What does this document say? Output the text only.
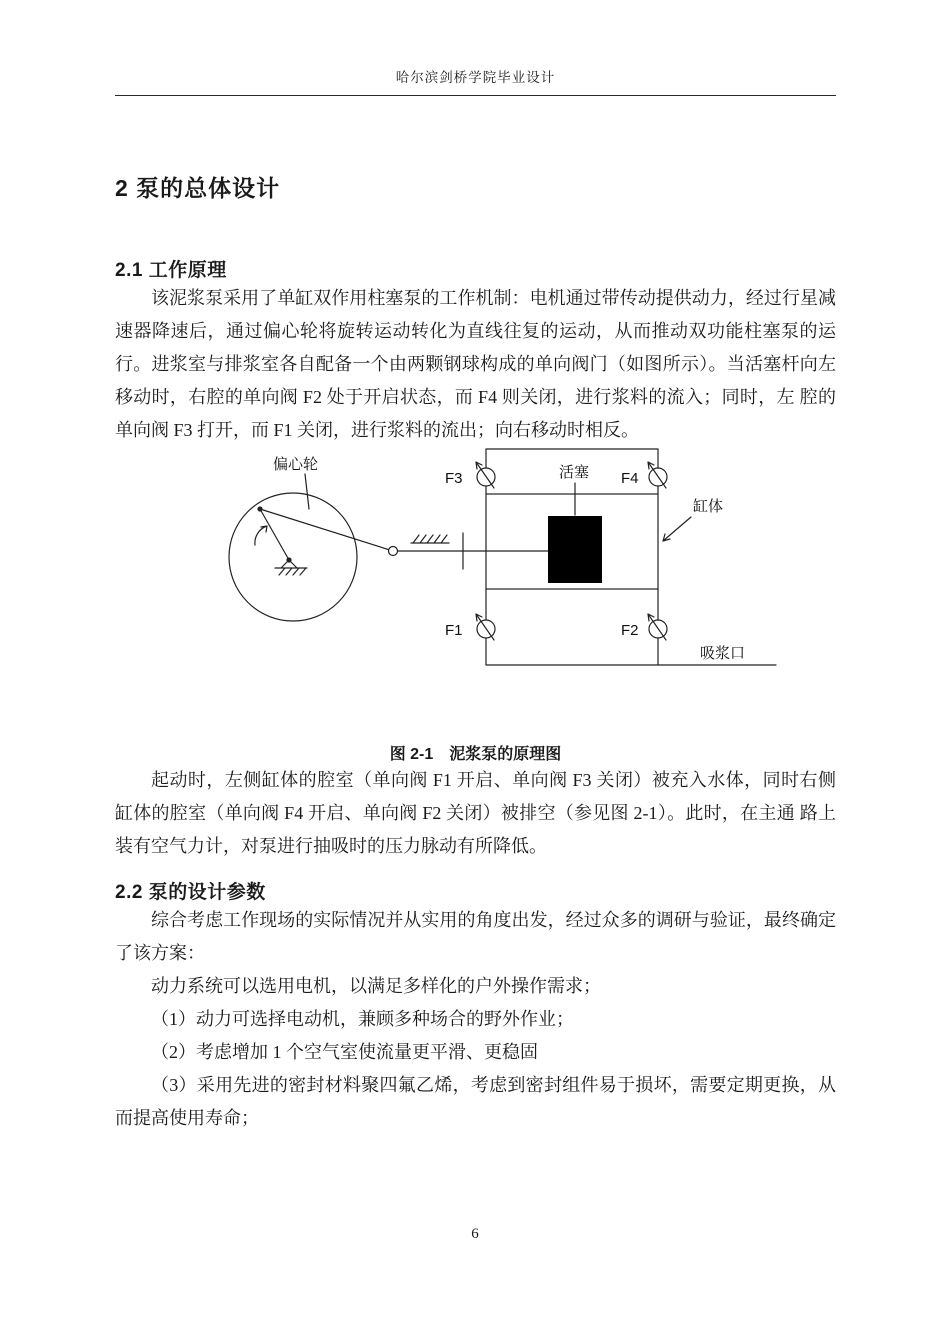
哈尔滨剑桥学院毕业设计
2 泵的总体设计
2.1 工作原理

该泥浆泵采用了单缸双作用柱塞泵的工作机制：电机通过带传动提供动力，经过行星减速器降速后，通过偏心轮将旋转运动转化为直线往复的运动，从而推动双功能柱塞泵的运行。进浆室与排浆室各自配备一个由两颗钢球构成的单向阀门（如图所示）。当活塞杆向左移动时，右腔的单向阀 F2 处于开启状态，而 F4 则关闭，进行浆料的流入；同时，左 腔的单向阀 F3 打开，而 F1 关闭，进行浆料的流出；向右移动时相反。

偏心轮
F3	活塞 F4
缸体
F1	F2
吸浆口
图 2-1　泥浆泵的原理图

起动时，左侧缸体的腔室（单向阀 F1 开启、单向阀 F3 关闭）被充入水体，同时右侧 缸体的腔室（单向阀 F4 开启、单向阀 F2 关闭）被排空（参见图 2-1）。此时，在主通 路上装有空气力计，对泵进行抽吸时的压力脉动有所降低。

2.2 泵的设计参数

综合考虑工作现场的实际情况并从实用的角度出发，经过众多的调研与验证，最终确定了该方案：

动力系统可以选用电机，以满足多样化的户外操作需求；

（1）动力可选择电动机，兼顾多种场合的野外作业；

（2）考虑增加 1 个空气室使流量更平滑、更稳固

（3）采用先进的密封材料聚四氟乙烯，考虑到密封组件易于损坏，需要定期更换，从而提高使用寿命；

6
